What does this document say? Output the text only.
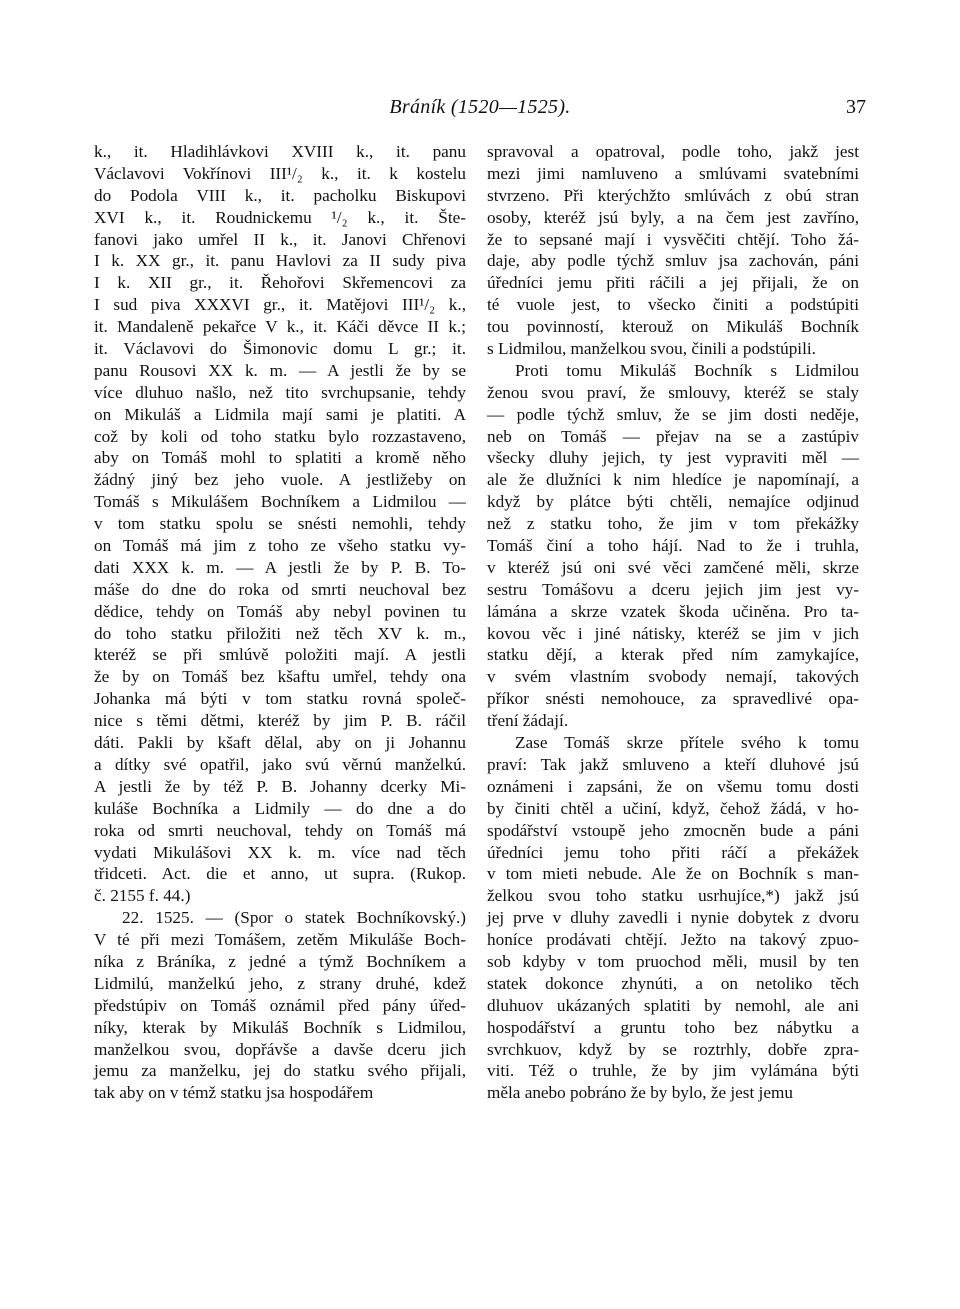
Bráník (1520—1525).	37
k., it. Hladihlávkovi XVIII k., it. panu
Václavovi Vokřínovi III¹/₂ k., it. k kostelu
do Podola VIII k., it. pacholku Biskupovi
XVI k., it. Roudnickemu ¹/₂ k., it. Šte-
fanovi jako umřel II k., it. Janovi Chřenovi
I k. XX gr., it. panu Havlovi za II sudy piva
I k. XII gr., it. Řehořovi Skřemencovi za
I sud piva XXXVI gr., it. Matějovi III¹/₂ k.,
it. Mandaleně pekařce V k., it. Káči děvce II k.;
it. Václavovi do Šimonovic domu L gr.; it.
panu Rousovi XX k. m. — A jestli že by se
více dluhuo našlo, než tito svrchupsanie, tehdy
on Mikuláš a Lidmila mají sami je platiti. A
což by koli od toho statku bylo rozzastaveno,
aby on Tomáš mohl to splatiti a kromě něho
žádný jiný bez jeho vuole. A jestližeby on
Tomáš s Mikulášem Bochníkem a Lidmilou —
v tom statku spolu se snésti nemohli, tehdy
on Tomáš má jim z toho ze všeho statku vy-
dati XXX k. m. — A jestli že by P. B. To-
máše do dne do roka od smrti neuchoval bez
dědice, tehdy on Tomáš aby nebyl povinen tu
do toho statku přiložiti než těch XV k. m.,
kteréž se při smlúvě položiti mají. A jestli
že by on Tomáš bez kšaftu umřel, tehdy ona
Johanka má býti v tom statku rovná společ-
nice s těmi dětmi, kteréž by jim P. B. ráčil
dáti. Pakli by kšaft dělal, aby on ji Johannu
a dítky své opatřil, jako svú věrnú manželkú.
A jestli že by též P. B. Johanny dcerky Mi-
kuláše Bochníka a Lidmily — do dne a do
roka od smrti neuchoval, tehdy on Tomáš má
vydati Mikulášovi XX k. m. více nad těch
třidceti. Act. die et anno, ut supra. (Rukop.
č. 2155 f. 44.)
22. 1525. — (Spor o statek Bochníkovský.)
V té při mezi Tomášem, zetěm Mikuláše Boch-
níka z Bráníka, z jedné a týmž Bochníkem a
Lidmilú, manželkú jeho, z strany druhé, kdež
předstúpiv on Tomáš oznámil před pány úřed-
níky, kterak by Mikuláš Bochník s Lidmilou,
manželkou svou, dopřávše a davše dceru jich
jemu za manželku, jej do statku svého přijali,
tak aby on v témž statku jsa hospodářem
spravoval a opatroval, podle toho, jakž jest
mezi jimi namluveno a smlúvami svatebními
stvrzeno. Při kterýchžto smlúvách z obú stran
osoby, kteréž jsú byly, a na čem jest zavříno,
že to sepsané mají i vysvěčiti chtějí. Toho žá-
daje, aby podle týchž smluv jsa zachován, páni
úředníci jemu přiti ráčili a jej přijali, že on
té vuole jest, to všecko činiti a podstúpiti
tou povinností, kterouž on Mikuláš Bochník
s Lidmilou, manželkou svou, činili a podstúpili.
Proti tomu Mikuláš Bochník s Lidmilou
ženou svou praví, že smlouvy, kteréž se staly
— podle týchž smluv, že se jim dosti neděje,
neb on Tomáš — přejav na se a zastúpiv
všecky dluhy jejich, ty jest vypraviti měl —
ale že dlužníci k nim hledíce je napomínají, a
když by plátce býti chtěli, nemajíce odjinud
než z statku toho, že jim v tom překážky
Tomáš činí a toho hájí. Nad to že i truhla,
v kteréž jsú oni své věci zamčené měli, skrze
sestru Tomášovu a dceru jejich jim jest vy-
lámána a skrze vzatek škoda učiněna. Pro ta-
kovou věc i jiné nátisky, kteréž se jim v jich
statku dějí, a kterak před ním zamykajíce,
v svém vlastním svobody nemají, takových
příkor snésti nemohouce, za spravedlivé opa-
tření žádají.
Zase Tomáš skrze přítele svého k tomu
praví: Tak jakž smluveno a kteří dluhové jsú
oznámeni i zapsáni, že on všemu tomu dosti
by činiti chtěl a učiní, když, čehož žádá, v ho-
spodářství vstoupě jeho zmocněn bude a páni
úředníci jemu toho přiti ráčí a překážek
v tom mieti nebude. Ale že on Bochník s man-
želkou svou toho statku usrhujíce,*) jakž jsú
jej prve v dluhy zavedli i nynie dobytek z dvoru
honíce prodávati chtějí. Ježto na takový zpuo-
sob kdyby v tom pruochod měli, musil by ten
statek dokonce zhynúti, a on netoliko těch
dluhuov ukázaných splatiti by nemohl, ale ani
hospodářství a gruntu toho bez nábytku a
svrchkuov, když by se roztrhly, dobře zpra-
viti. Též o truhle, že by jim vylámána býti
měla anebo pobráno že by bylo, že jest jemu
